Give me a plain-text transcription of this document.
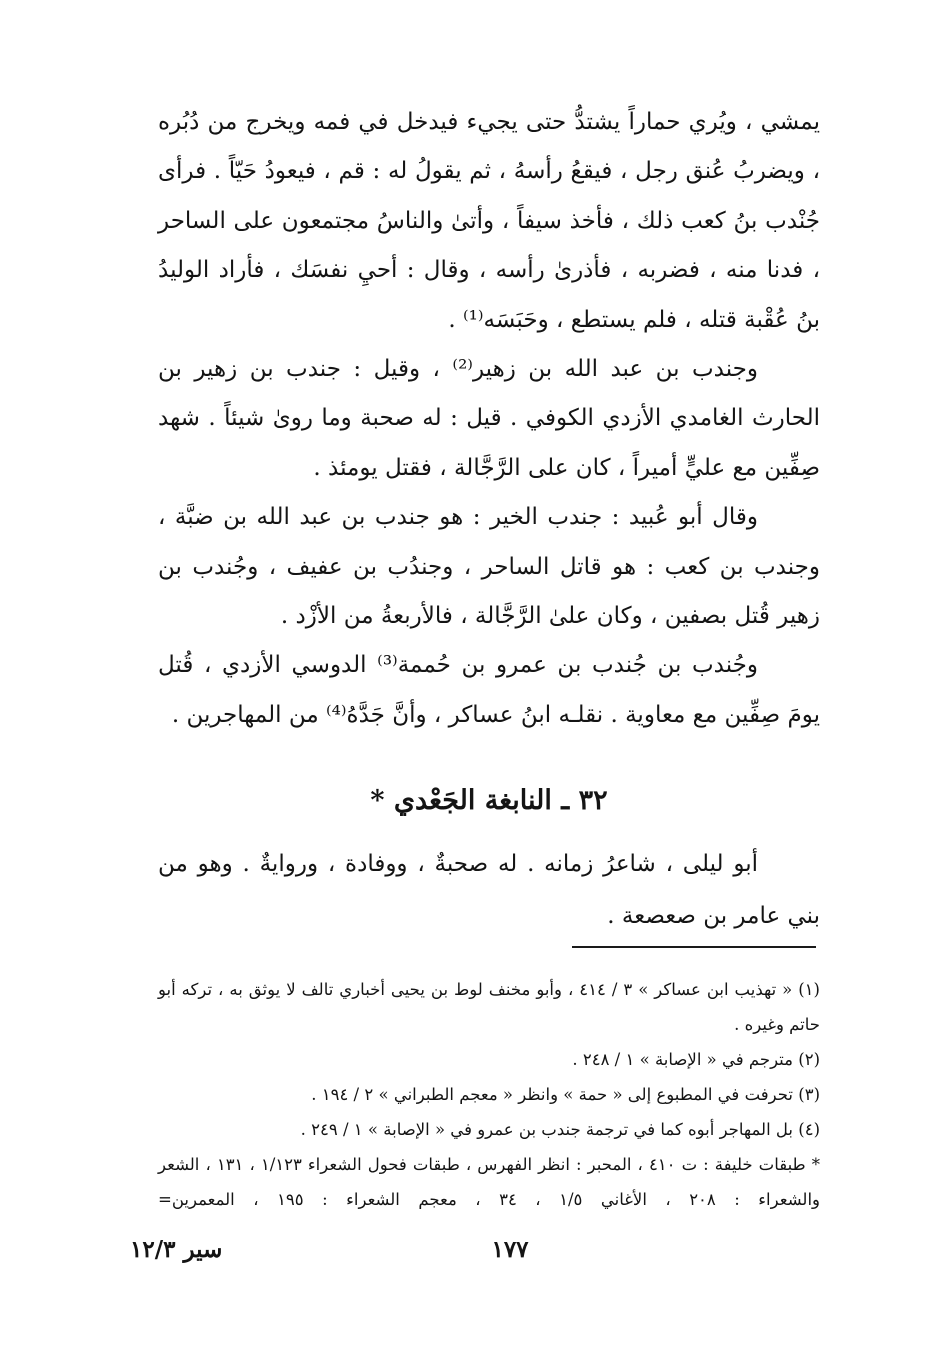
يمشي ، ويُري حماراً يشتدُّ حتى يجيء فيدخل في فمه ويخرج من دُبُره ، ويضربُ عُنق رجل ، فيقعُ رأسهُ ، ثم يقولُ له : قم ، فيعودُ حَيّاً . فرأى جُنْدب بنُ كعب ذلك ، فأخذ سيفاً ، وأتىٰ والناسُ مجتمعون على الساحر ، فدنا منه ، فضربه ، فأذرىٰ رأسه ، وقال : أحيِ نفسَك ، فأراد الوليدُ بنُ عُقْبة قتله ، فلم يستطع ، وحَبَسَه⁽¹⁾ .

وجندب بن عبد الله بن زهير⁽²⁾ ، وقيل : جندب بن زهير بن الحارث الغامدي الأزدي الكوفي . قيل : له صحبة وما روىٰ شيئاً . شهد صِفِّين مع عليٍّ أميراً ، كان على الرَّجَّالة ، فقتل يومئذ .

وقال أبو عُبيد : جندب الخير : هو جندب بن عبد الله بن ضبَّة ، وجندب بن كعب : هو قاتل الساحر ، وجندُب بن عفيف ، وجُندب بن زهير قُتل بصفين ، وكان علىٰ الرَّجَّالة ، فالأربعةُ من الأزْد .

وجُندب بن جُندب بن عمرو بن حُممة⁽³⁾ الدوسي الأزدي ، قُتل يومَ صِفِّين مع معاوية . نقلـه ابنُ عساكر ، وأنَّ جَدَّهُ⁽⁴⁾ من المهاجرين .

٣٢ ـ النابغة الجَعْدي *

أبو ليلى ، شاعرُ زمانه . له صحبةٌ ، ووفادة ، وروايةٌ . وهو من بني عامر بن صعصعة .

(١) « تهذيب ابن عساكر » ٣ / ٤١٤ ، وأبو مخنف لوط بن يحيى أخباري تالف لا يوثق به ، تركه أبو حاتم وغيره .

(٢) مترجم في « الإصابة » ١ / ٢٤٨ .

(٣) تحرفت في المطبوع إلى « حمة » وانظر « معجم الطبراني » ٢ / ١٩٤ .

(٤) بل المهاجر أبوه كما في ترجمة جندب بن عمرو في « الإصابة » ١ / ٢٤٩ .

* طبقات خليفة : ت ٤١٠ ، المحبر : انظر الفهرس ، طبقات فحول الشعراء ١/١٢٣ ، ١٣١ ، الشعر والشعراء : ٢٠٨ ، الأغاني ١/٥ ، ٣٤ ، معجم الشعراء : ١٩٥ ، المعمرين=

١٧٧
سير ١٢/٣
